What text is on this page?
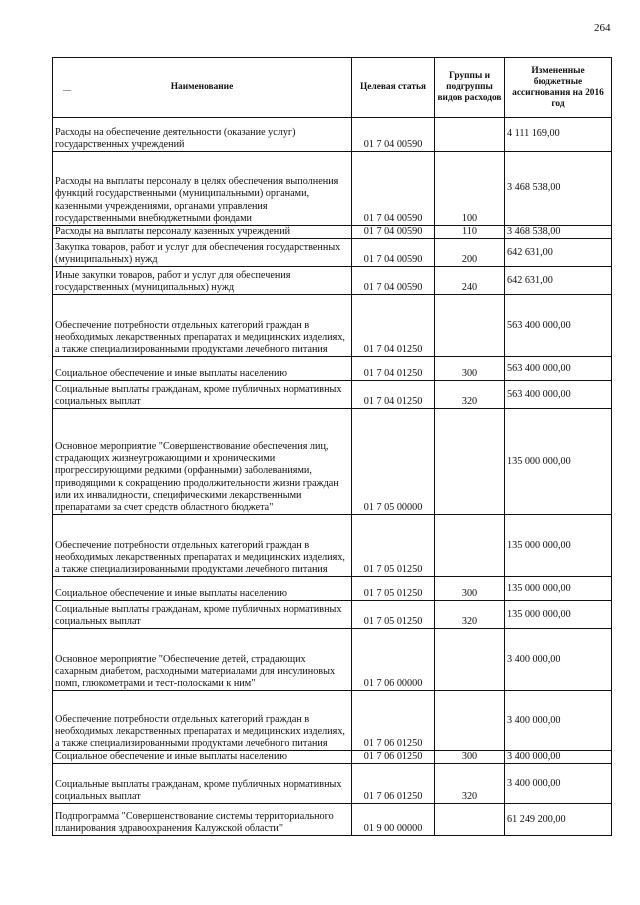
264
— Наименование	Целевая статья	Группы и подгруппы видов расходов	Измененные бюджетные ассигнования на 2016 год
Расходы на обеспечение деятельности (оказание услуг) государственных учреждений	01 7 04 00590		4 111 169,00
Расходы на выплаты персоналу в целях обеспечения выполнения функций государственными (муниципальными) органами, казенными учреждениями, органами управления государственными внебюджетными фондами	01 7 04 00590	100	3 468 538,00
Расходы на выплаты персоналу казенных учреждений	01 7 04 00590	110	3 468 538,00
Закупка товаров, работ и услуг для обеспечения государственных (муниципальных) нужд	01 7 04 00590	200	642 631,00
Иные закупки товаров, работ и услуг для обеспечения государственных (муниципальных) нужд	01 7 04 00590	240	642 631,00
Обеспечение потребности отдельных категорий граждан в необходимых лекарственных препаратах и медицинских изделиях, а также специализированными продуктами лечебного питания	01 7 04 01250		563 400 000,00
Социальное обеспечение и иные выплаты населению	01 7 04 01250	300	563 400 000,00
Социальные выплаты гражданам, кроме публичных нормативных социальных выплат	01 7 04 01250	320	563 400 000,00
Основное мероприятие "Совершенствование обеспечения лиц, страдающих жизнеугрожающими и хроническими прогрессирующими редкими (орфанными) заболеваниями, приводящими к сокращению продолжительности жизни граждан или их инвалидности, специфическими лекарственными препаратами за счет средств областного бюджета"	01 7 05 00000		135 000 000,00
Обеспечение потребности отдельных категорий граждан в необходимых лекарственных препаратах и медицинских изделиях, а также специализированными продуктами лечебного питания	01 7 05 01250		135 000 000,00
Социальное обеспечение и иные выплаты населению	01 7 05 01250	300	135 000 000,00
Социальные выплаты гражданам, кроме публичных нормативных социальных выплат	01 7 05 01250	320	135 000 000,00
Основное мероприятие "Обеспечение детей, страдающих сахарным диабетом, расходными материалами для инсулиновых помп, глюкометрами и тест-полосками к ним"	01 7 06 00000		3 400 000,00
Обеспечение потребности отдельных категорий граждан в необходимых лекарственных препаратах и медицинских изделиях, а также специализированными продуктами лечебного питания	01 7 06 01250		3 400 000,00
Социальное обеспечение и иные выплаты населению	01 7 06 01250	300	3 400 000,00
Социальные выплаты гражданам, кроме публичных нормативных социальных выплат	01 7 06 01250	320	3 400 000,00
Подпрограмма "Совершенствование системы территориального планирования здравоохранения Калужской области"	01 9 00 00000		61 249 200,00
